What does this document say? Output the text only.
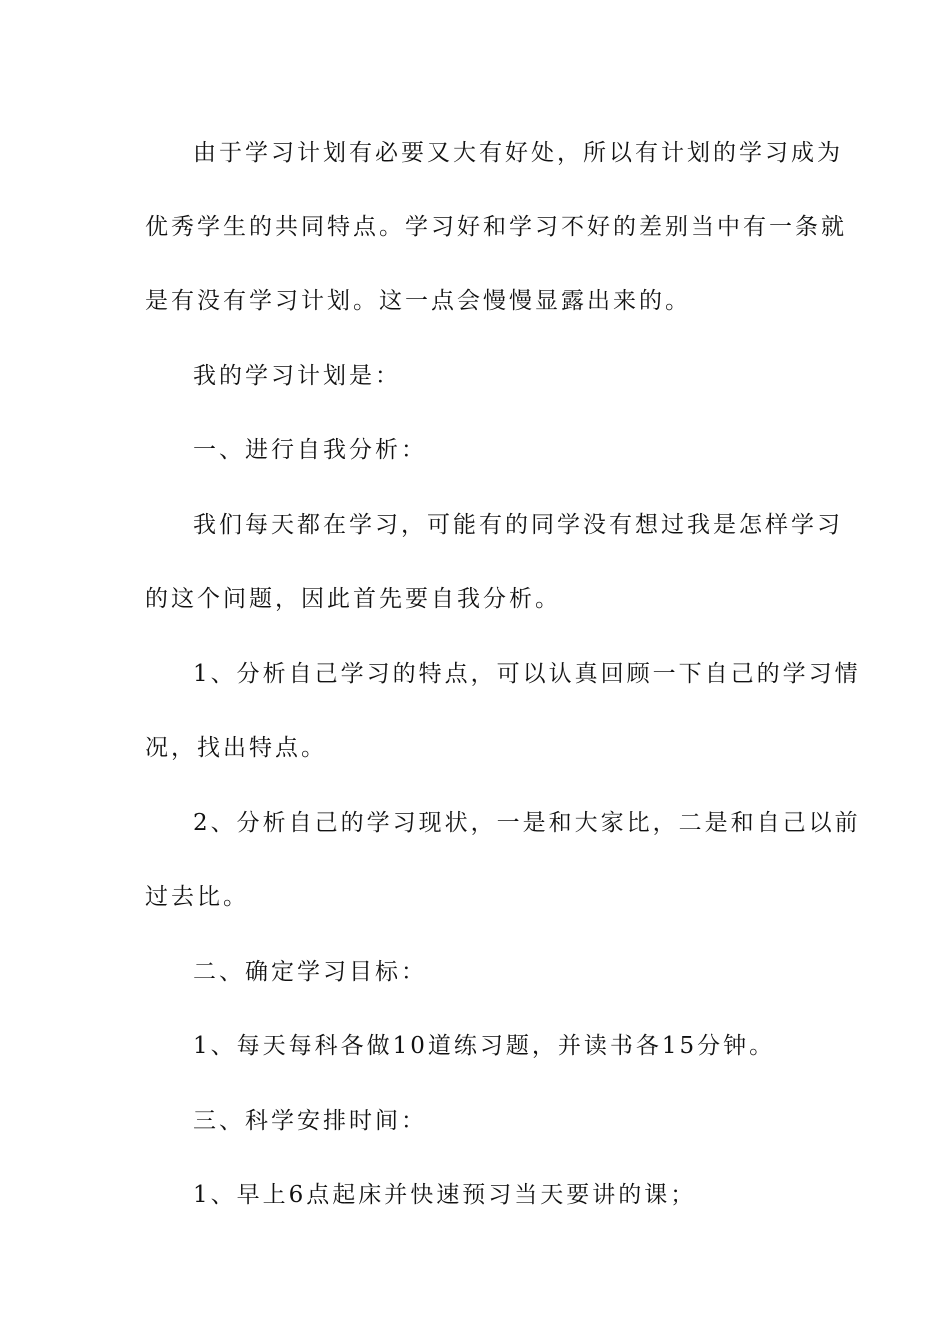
由于学习计划有必要又大有好处，所以有计划的学习成为
优秀学生的共同特点。学习好和学习不好的差别当中有一条就
是有没有学习计划。这一点会慢慢显露出来的。
我的学习计划是：
一、进行自我分析：
我们每天都在学习，可能有的同学没有想过我是怎样学习
的这个问题，因此首先要自我分析。
1、分析自己学习的特点，可以认真回顾一下自己的学习情
况，找出特点。
2、分析自己的学习现状，一是和大家比，二是和自己以前
过去比。
二、确定学习目标：
1、每天每科各做10道练习题，并读书各15分钟。
三、科学安排时间：
1、早上6点起床并快速预习当天要讲的课；
